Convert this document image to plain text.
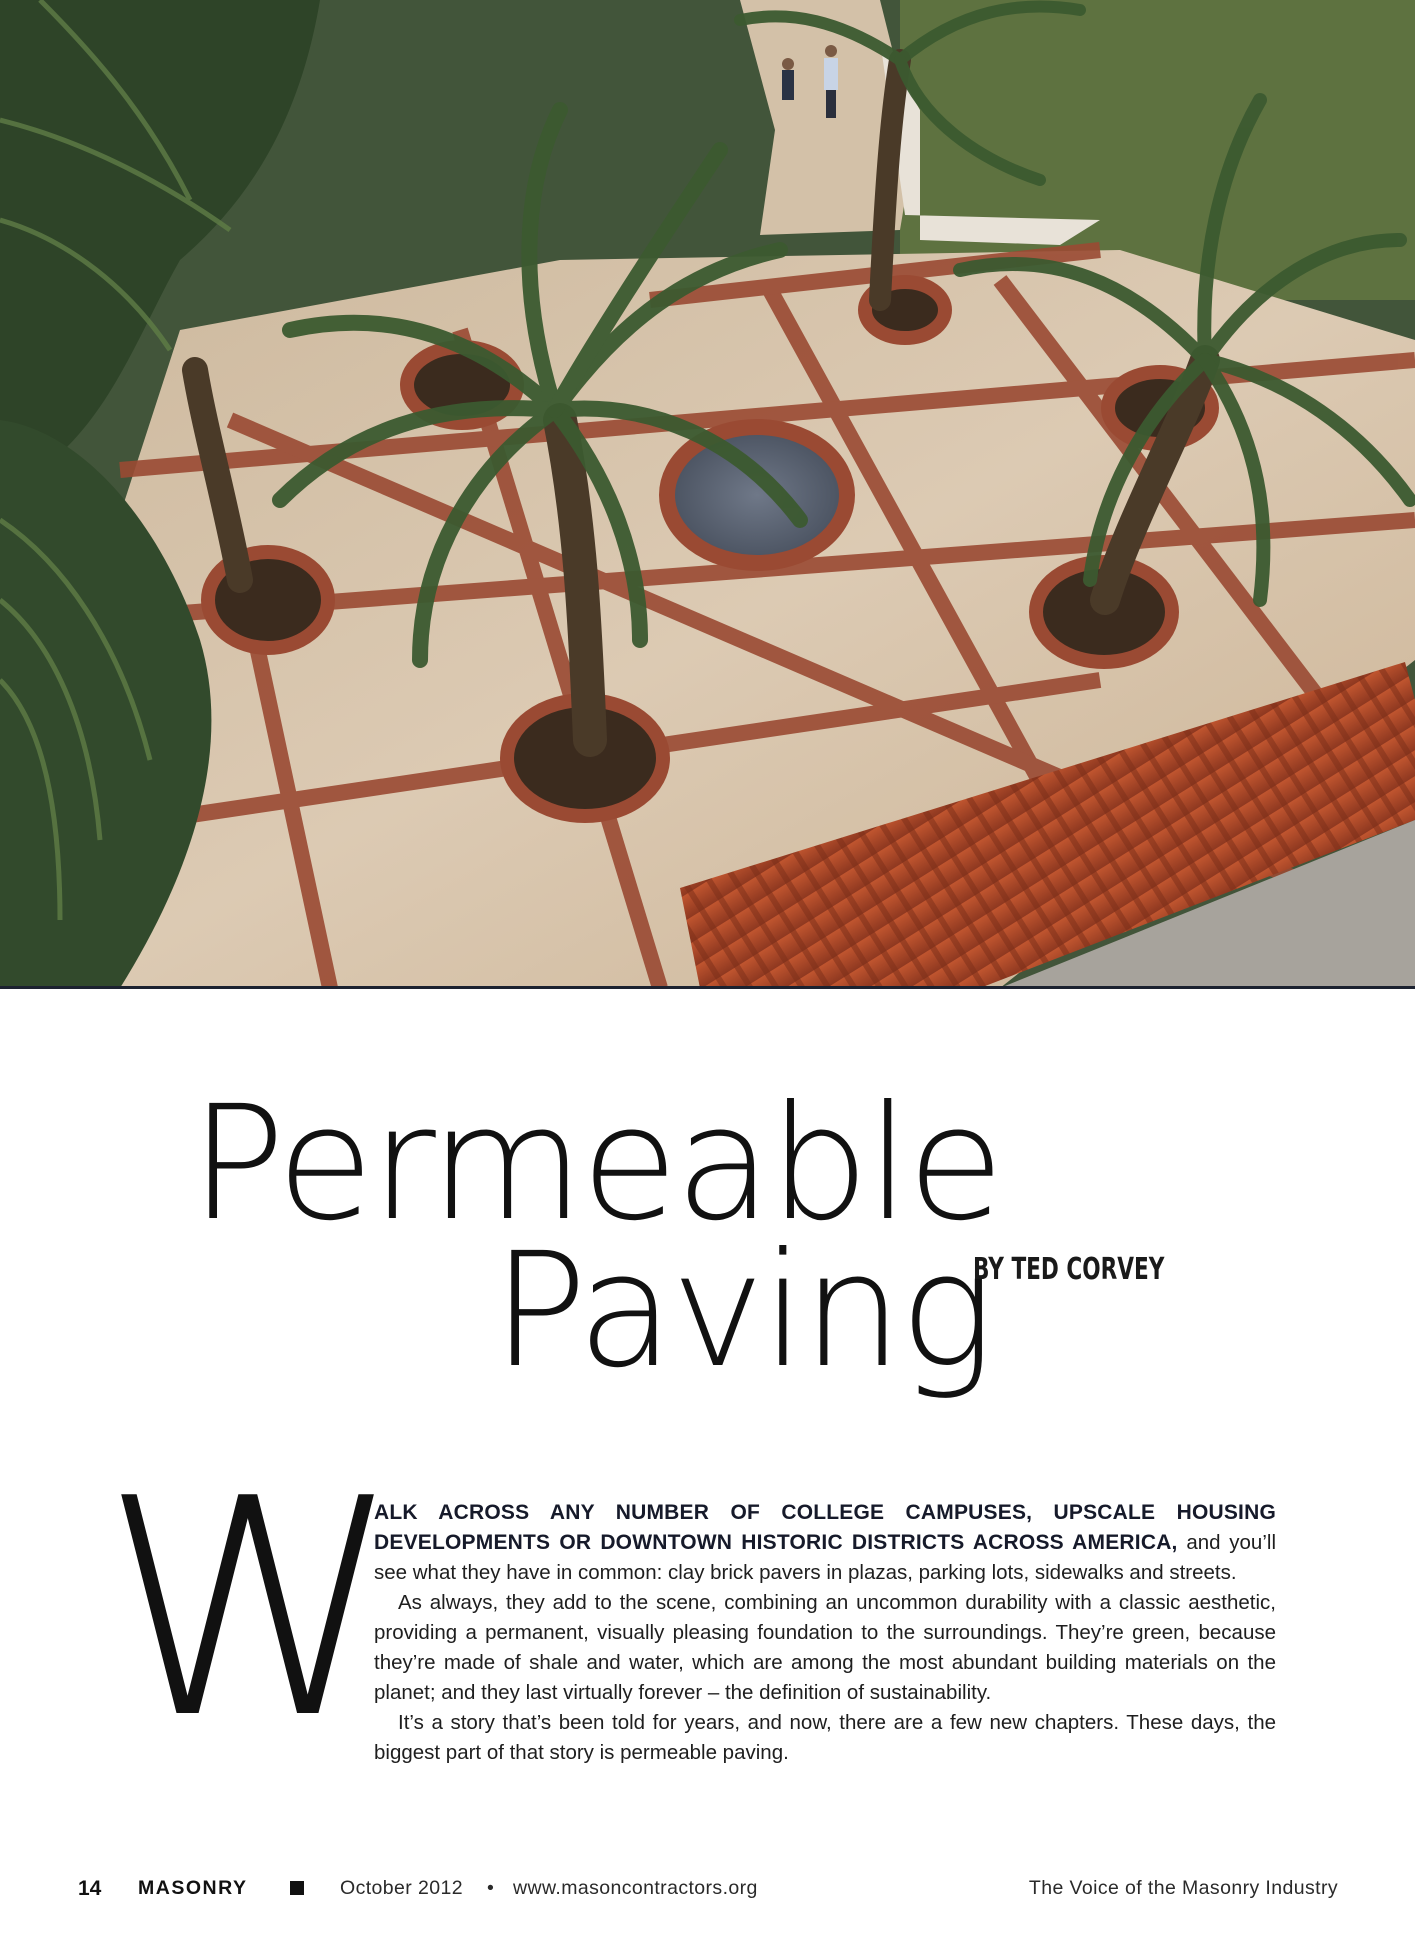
Permeable
Paving
BY TED CORVEY
W

ALK ACROSS ANY NUMBER OF COLLEGE CAMPUSES, UPSCALE HOUSING DEVELOPMENTS OR DOWNTOWN HISTORIC DISTRICTS ACROSS AMERICA, and you’ll see what they have in common: clay brick pavers in plazas, parking lots, sidewalks and streets.

As always, they add to the scene, combining an uncommon durability with a classic aesthetic, providing a permanent, visually pleasing foundation to the surroundings. They’re green, because they’re made of shale and water, which are among the most abundant building materials on the planet; and they last virtually forever – the definition of sustainability.

It’s a story that’s been told for years, and now, there are a few new chapters. These days, the biggest part of that story is permeable paving.

14 MASONRY	October 2012 • www.masoncontractors.org	The Voice of the Masonry Industry
